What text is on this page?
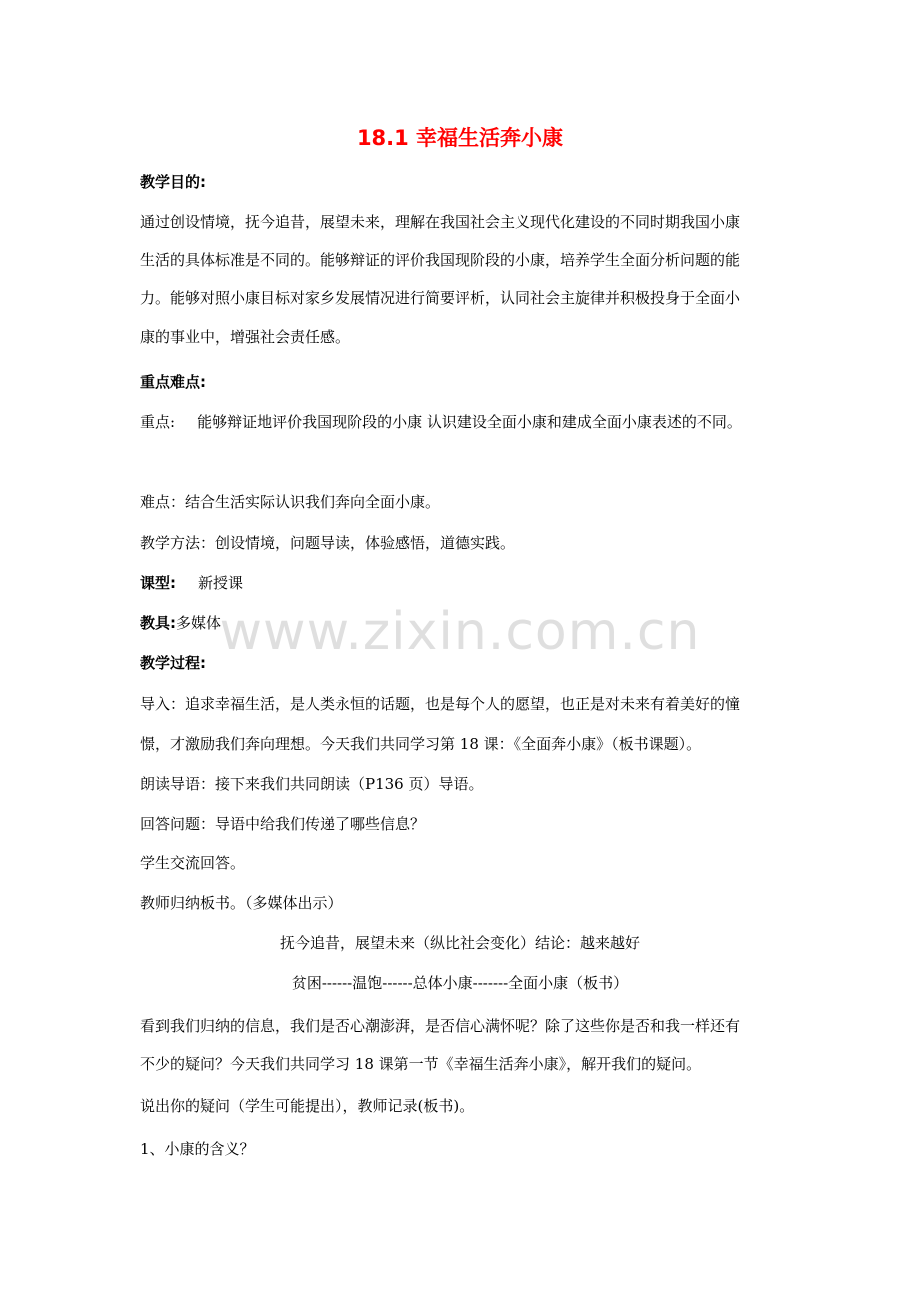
www.zixin.com.cn
18.1 幸福生活奔小康
教学目的:
通过创设情境，抚今追昔，展望未来，理解在我国社会主义现代化建设的不同时期我国小康
生活的具体标准是不同的。能够辩证的评价我国现阶段的小康，培养学生全面分析问题的能
力。能够对照小康目标对家乡发展情况进行简要评析，认同社会主旋律并积极投身于全面小
康的事业中，增强社会责任感。
重点难点:
重点: 能够辩证地评价我国现阶段的小康 认识建设全面小康和建成全面小康表述的不同。
难点：结合生活实际认识我们奔向全面小康。
教学方法：创设情境，问题导读，体验感悟，道德实践。
课型: 新授课
教具:多媒体
教学过程:
导入：追求幸福生活，是人类永恒的话题，也是每个人的愿望，也正是对未来有着美好的憧
憬，才激励我们奔向理想。今天我们共同学习第 18 课：《全面奔小康》（板书课题）。
朗读导语：接下来我们共同朗读（P136 页）导语。
回答问题：导语中给我们传递了哪些信息？
学生交流回答。
教师归纳板书。（多媒体出示）
抚今追昔，展望未来（纵比社会变化）结论：越来越好
贫困------温饱------总体小康-------全面小康（板书）
看到我们归纳的信息，我们是否心潮澎湃，是否信心满怀呢？除了这些你是否和我一样还有
不少的疑问？今天我们共同学习 18 课第一节《幸福生活奔小康》，解开我们的疑问。
说出你的疑问（学生可能提出），教师记录(板书)。
1、小康的含义？
